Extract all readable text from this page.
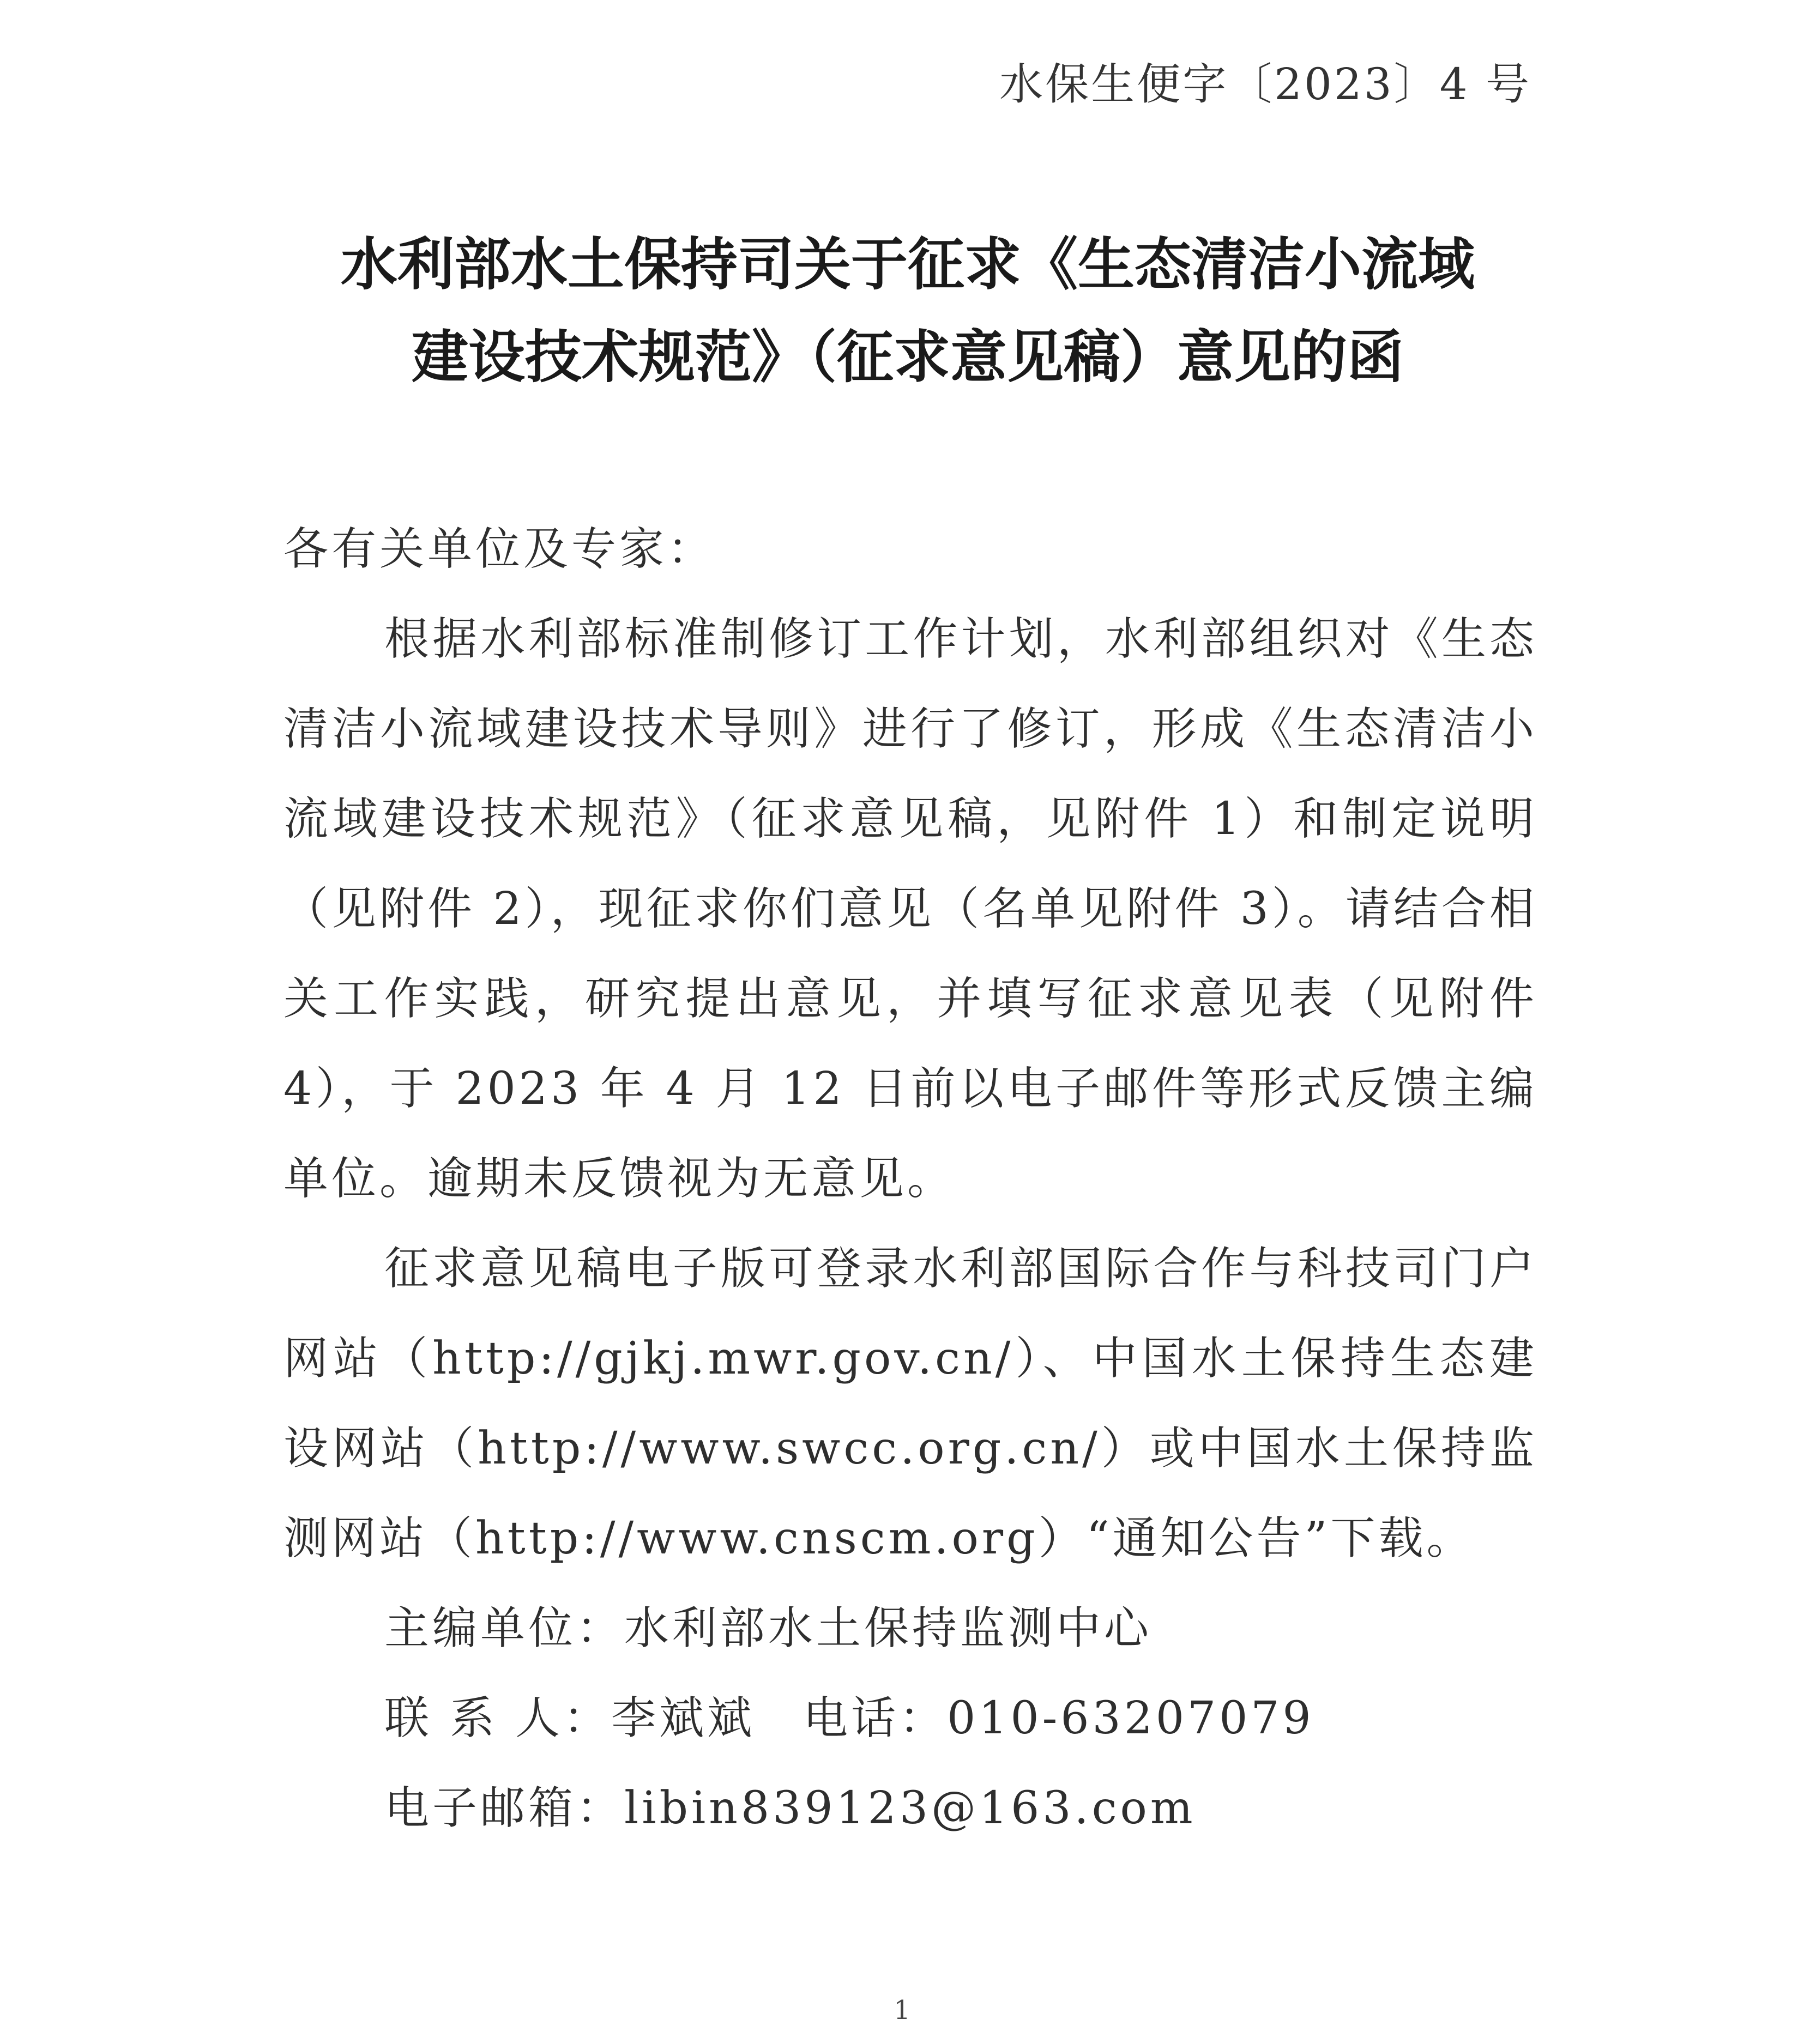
水保生便字〔2023〕4 号
水利部水土保持司关于征求《生态清洁小流域
建设技术规范》（征求意见稿）意见的函

各有关单位及专家：

根据水利部标准制修订工作计划，水利部组织对《生态清洁小流域建设技术导则》进行了修订，形成《生态清洁小流域建设技术规范》（征求意见稿，见附件 1）和制定说明（见附件 2），现征求你们意见（名单见附件 3）。请结合相关工作实践，研究提出意见，并填写征求意见表（见附件 4），于 2023 年 4 月 12 日前以电子邮件等形式反馈主编单位。逾期未反馈视为无意见。

征求意见稿电子版可登录水利部国际合作与科技司门户网站（http://gjkj.mwr.gov.cn/）、中国水土保持生态建设网站（http://www.swcc.org.cn/）或中国水土保持监测网站（http://www.cnscm.org）“通知公告”下载。

主编单位：水利部水土保持监测中心

联 系 人：李斌斌　电话：010-63207079

电子邮箱：libin839123@163.com

1
